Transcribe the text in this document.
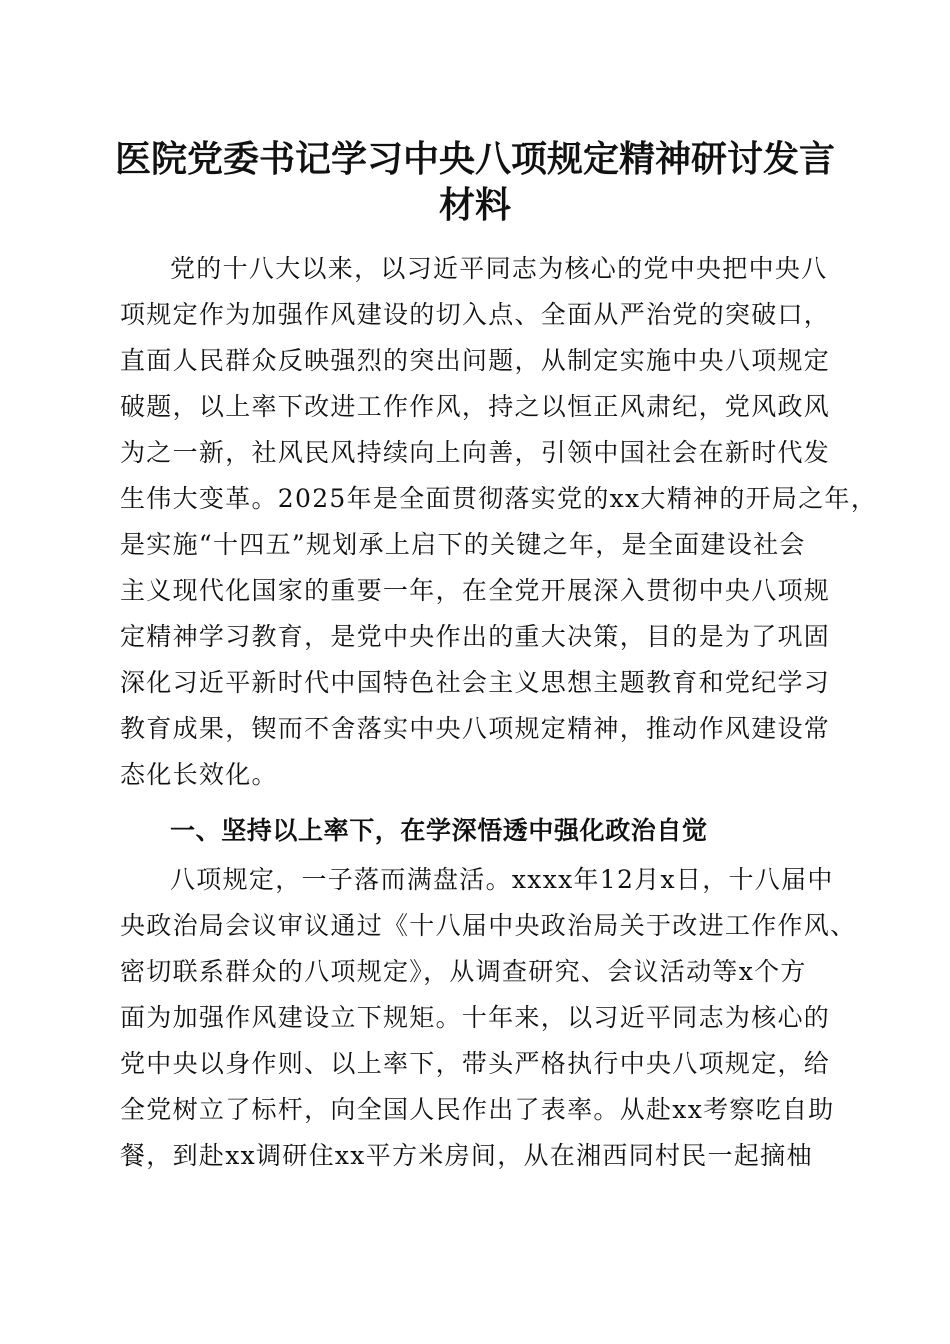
医院党委书记学习中央八项规定精神研讨发言
材料
党的十八大以来，以习近平同志为核心的党中央把中央八
项规定作为加强作风建设的切入点、全面从严治党的突破口，
直面人民群众反映强烈的突出问题，从制定实施中央八项规定
破题，以上率下改进工作作风，持之以恒正风肃纪，党风政风
为之一新，社风民风持续向上向善，引领中国社会在新时代发
生伟大变革。2025年是全面贯彻落实党的xx大精神的开局之年，
是实施“十四五”规划承上启下的关键之年，是全面建设社会
主义现代化国家的重要一年，在全党开展深入贯彻中央八项规
定精神学习教育，是党中央作出的重大决策，目的是为了巩固
深化习近平新时代中国特色社会主义思想主题教育和党纪学习
教育成果，锲而不舍落实中央八项规定精神，推动作风建设常
态化长效化。
一、坚持以上率下，在学深悟透中强化政治自觉
八项规定，一子落而满盘活。xxxx年12月x日，十八届中
央政治局会议审议通过《十八届中央政治局关于改进工作作风、
密切联系群众的八项规定》，从调查研究、会议活动等x个方
面为加强作风建设立下规矩。十年来，以习近平同志为核心的
党中央以身作则、以上率下，带头严格执行中央八项规定，给
全党树立了标杆，向全国人民作出了表率。从赴xx考察吃自助
餐，到赴xx调研住xx平方米房间，从在湘西同村民一起摘柚
